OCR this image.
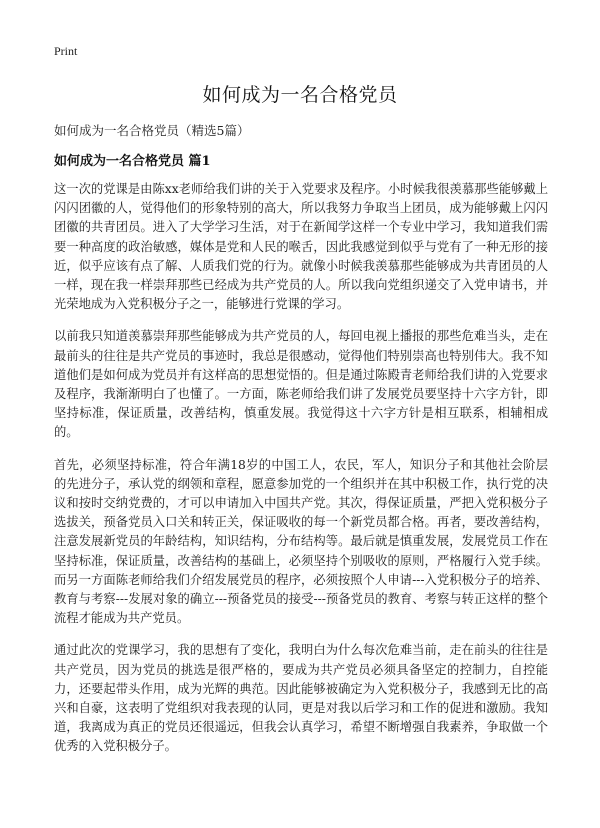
Print
如何成为一名合格党员
如何成为一名合格党员（精选5篇）
如何成为一名合格党员 篇1

这一次的党课是由陈xx老师给我们讲的关于入党要求及程序。小时候我很羡慕那些能够戴上闪闪团徽的人，觉得他们的形象特别的高大，所以我努力争取当上团员，成为能够戴上闪闪团徽的共青团员。进入了大学学习生活，对于在新闻学这样一个专业中学习，我知道我们需要一种高度的政治敏感，媒体是党和人民的喉舌，因此我感觉到似乎与党有了一种无形的接近，似乎应该有点了解、人质我们党的行为。就像小时候我羡慕那些能够成为共青团员的人一样，现在我一样崇拜那些已经成为共产党员的人。所以我向党组织递交了入党申请书，并光荣地成为入党积极分子之一，能够进行党课的学习。

以前我只知道羡慕崇拜那些能够成为共产党员的人，每回电视上播报的那些危难当头，走在最前头的往往是共产党员的事迹时，我总是很感动，觉得他们特别崇高也特别伟大。我不知道他们是如何成为党员并有这样高的思想觉悟的。但是通过陈殿青老师给我们讲的入党要求及程序，我渐渐明白了也懂了。一方面，陈老师给我们讲了发展党员要坚持十六字方针，即坚持标准，保证质量，改善结构，慎重发展。我觉得这十六字方针是相互联系，相辅相成的。

首先，必须坚持标准，符合年满18岁的中国工人，农民，军人，知识分子和其他社会阶层的先进分子，承认党的纲领和章程，愿意参加党的一个组织并在其中积极工作，执行党的决议和按时交纳党费的，才可以申请加入中国共产党。其次，得保证质量，严把入党积极分子选拔关，预备党员入口关和转正关，保证吸收的每一个新党员都合格。再者，要改善结构，注意发展新党员的年龄结构，知识结构，分布结构等。最后就是慎重发展，发展党员工作在坚持标准，保证质量，改善结构的基础上，必须坚持个别吸收的原则，严格履行入党手续。而另一方面陈老师给我们介绍发展党员的程序，必须按照个人申请---入党积极分子的培养、教育与考察---发展对象的确立---预备党员的接受---预备党员的教育、考察与转正这样的整个流程才能成为共产党员。

通过此次的党课学习，我的思想有了变化，我明白为什么每次危难当前，走在前头的往往是共产党员，因为党员的挑选是很严格的，要成为共产党员必须具备坚定的控制力，自控能力，还要起带头作用，成为光辉的典范。因此能够被确定为入党积极分子，我感到无比的高兴和自豪，这表明了党组织对我表现的认同，更是对我以后学习和工作的促进和激励。我知道，我离成为真正的党员还很遥远，但我会认真学习，希望不断增强自我素养，争取做一个优秀的入党积极分子。
